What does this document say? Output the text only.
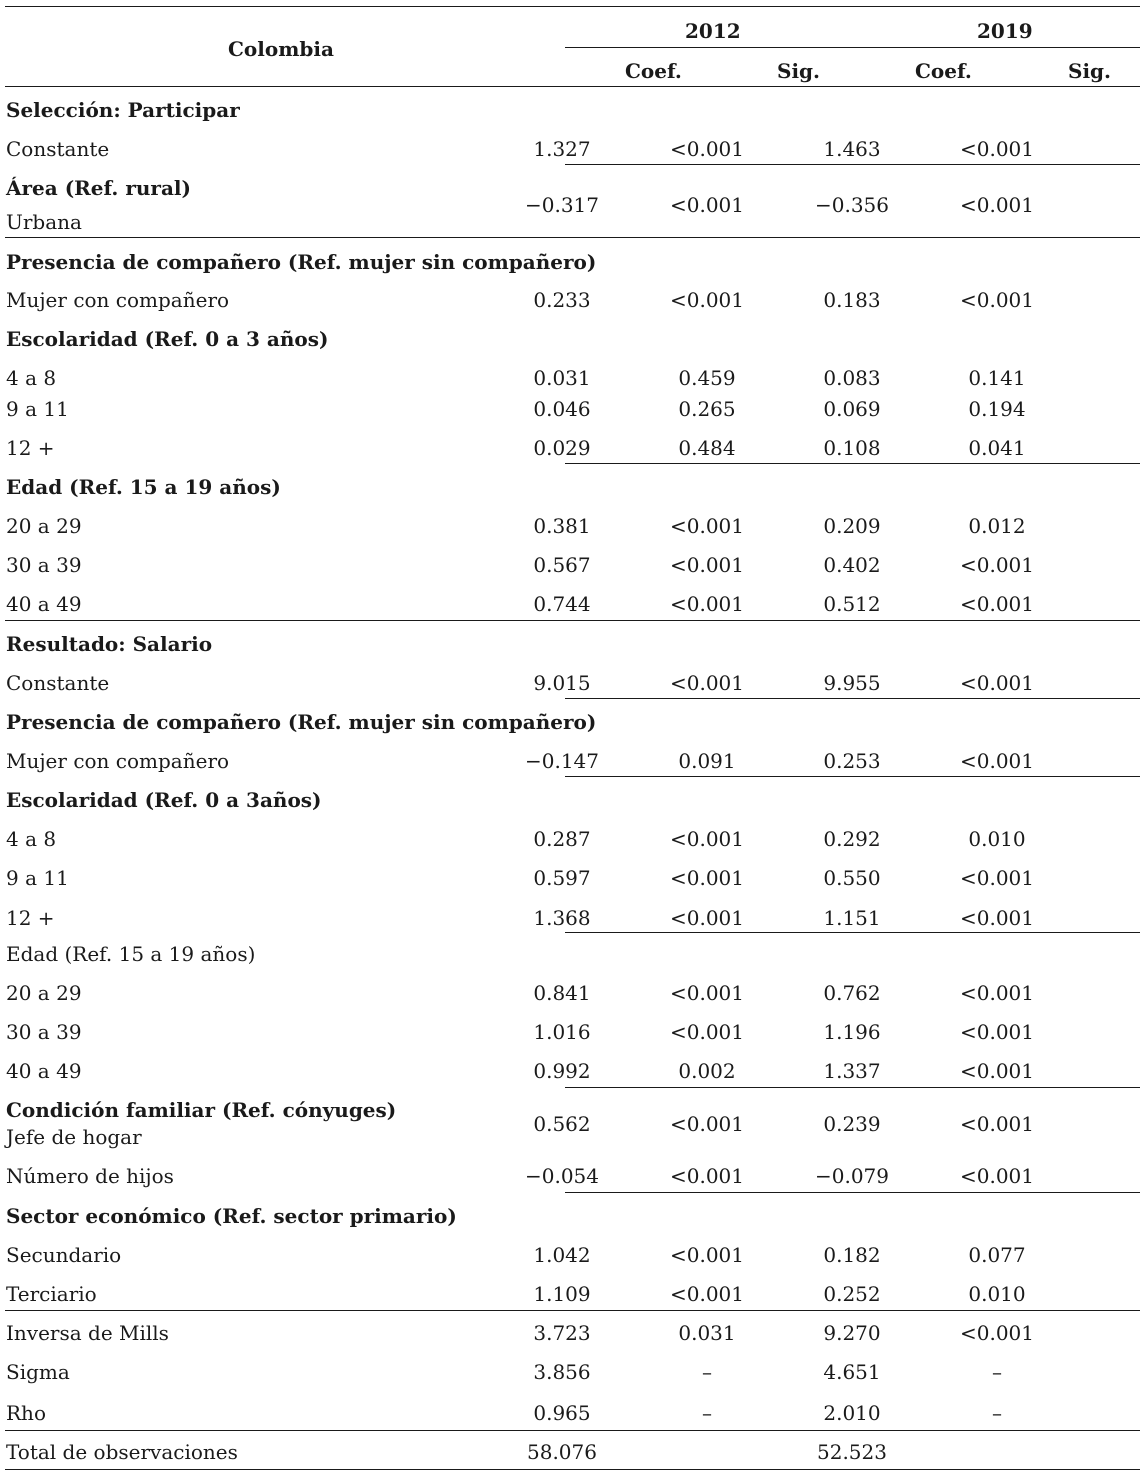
Colombia
2012	2019
Coef.	Sig.	Coef.	Sig.
Selección: Participar
Constante	1.327	<0.001	1.463	<0.001
Área (Ref. rural)
Urbana
−0.317	<0.001	−0.356	<0.001
Presencia de compañero (Ref. mujer sin compañero)
Mujer con compañero	0.233	<0.001	0.183	<0.001
Escolaridad (Ref. 0 a 3 años)
4 a 8	0.031	0.459	0.083	0.141
9 a 11	0.046	0.265	0.069	0.194
12 +	0.029	0.484	0.108	0.041
Edad (Ref. 15 a 19 años)
20 a 29	0.381	<0.001	0.209	0.012
30 a 39	0.567	<0.001	0.402	<0.001
40 a 49	0.744	<0.001	0.512	<0.001
Resultado: Salario
Constante	9.015	<0.001	9.955	<0.001
Presencia de compañero (Ref. mujer sin compañero)
Mujer con compañero	−0.147	0.091	0.253	<0.001
Escolaridad (Ref. 0 a 3años)
4 a 8	0.287	<0.001	0.292	0.010
9 a 11	0.597	<0.001	0.550	<0.001
12 +	1.368	<0.001	1.151	<0.001
Edad (Ref. 15 a 19 años)
20 a 29	0.841	<0.001	0.762	<0.001
30 a 39	1.016	<0.001	1.196	<0.001
40 a 49	0.992	0.002	1.337	<0.001
Condición familiar (Ref. cónyuges)
Jefe de hogar
0.562	<0.001	0.239	<0.001
Número de hijos	−0.054	<0.001	−0.079	<0.001
Sector económico (Ref. sector primario)
Secundario	1.042	<0.001	0.182	0.077
Terciario	1.109	<0.001	0.252	0.010
Inversa de Mills	3.723	0.031	9.270	<0.001
Sigma	3.856	–	4.651	–
Rho	0.965	–	2.010	–
Total de observaciones	58.076	52.523
